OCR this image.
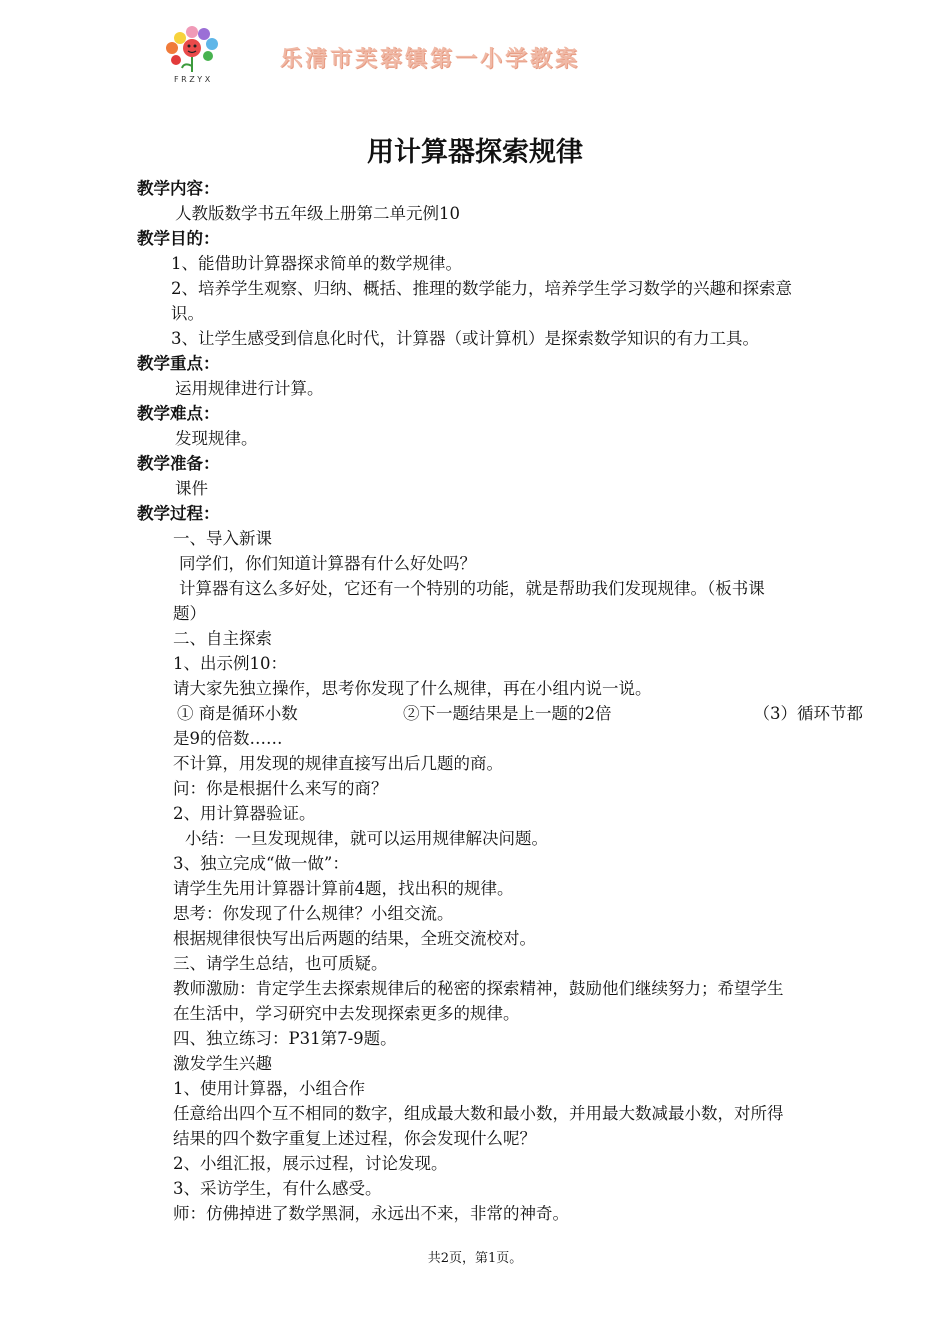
F R Z Y X
乐清市芙蓉镇第一小学教案
用计算器探索规律
教学内容：
人教版数学书五年级上册第二单元例10
教学目的：
1、能借助计算器探求简单的数学规律。
2、培养学生观察、归纳、概括、推理的数学能力，培养学生学习数学的兴趣和探索意
识。
3、让学生感受到信息化时代，计算器（或计算机）是探索数学知识的有力工具。
教学重点：
运用规律进行计算。
教学难点：
发现规律。
教学准备：
课件
教学过程：
一、导入新课
同学们，你们知道计算器有什么好处吗？
计算器有这么多好处，它还有一个特别的功能，就是帮助我们发现规律。（板书课
题）
二、自主探索
1、出示例10：
请大家先独立操作，思考你发现了什么规律，再在小组内说一说。
① 商是循环小数	②下一题结果是上一题的2倍	（3）循环节都
是9的倍数……
不计算，用发现的规律直接写出后几题的商。
问：你是根据什么来写的商？
2、用计算器验证。
小结：一旦发现规律，就可以运用规律解决问题。
3、独立完成“做一做”：
请学生先用计算器计算前4题，找出积的规律。
思考：你发现了什么规律？小组交流。
根据规律很快写出后两题的结果，全班交流校对。
三、请学生总结，也可质疑。
教师激励：肯定学生去探索规律后的秘密的探索精神，鼓励他们继续努力；希望学生
在生活中，学习研究中去发现探索更多的规律。
四、独立练习：P31第7-9题。
激发学生兴趣
1、使用计算器，小组合作
任意给出四个互不相同的数字，组成最大数和最小数，并用最大数减最小数，对所得
结果的四个数字重复上述过程，你会发现什么呢？
2、小组汇报，展示过程，讨论发现。
3、采访学生，有什么感受。
师：仿佛掉进了数学黑洞，永远出不来，非常的神奇。
共2页，第1页。
